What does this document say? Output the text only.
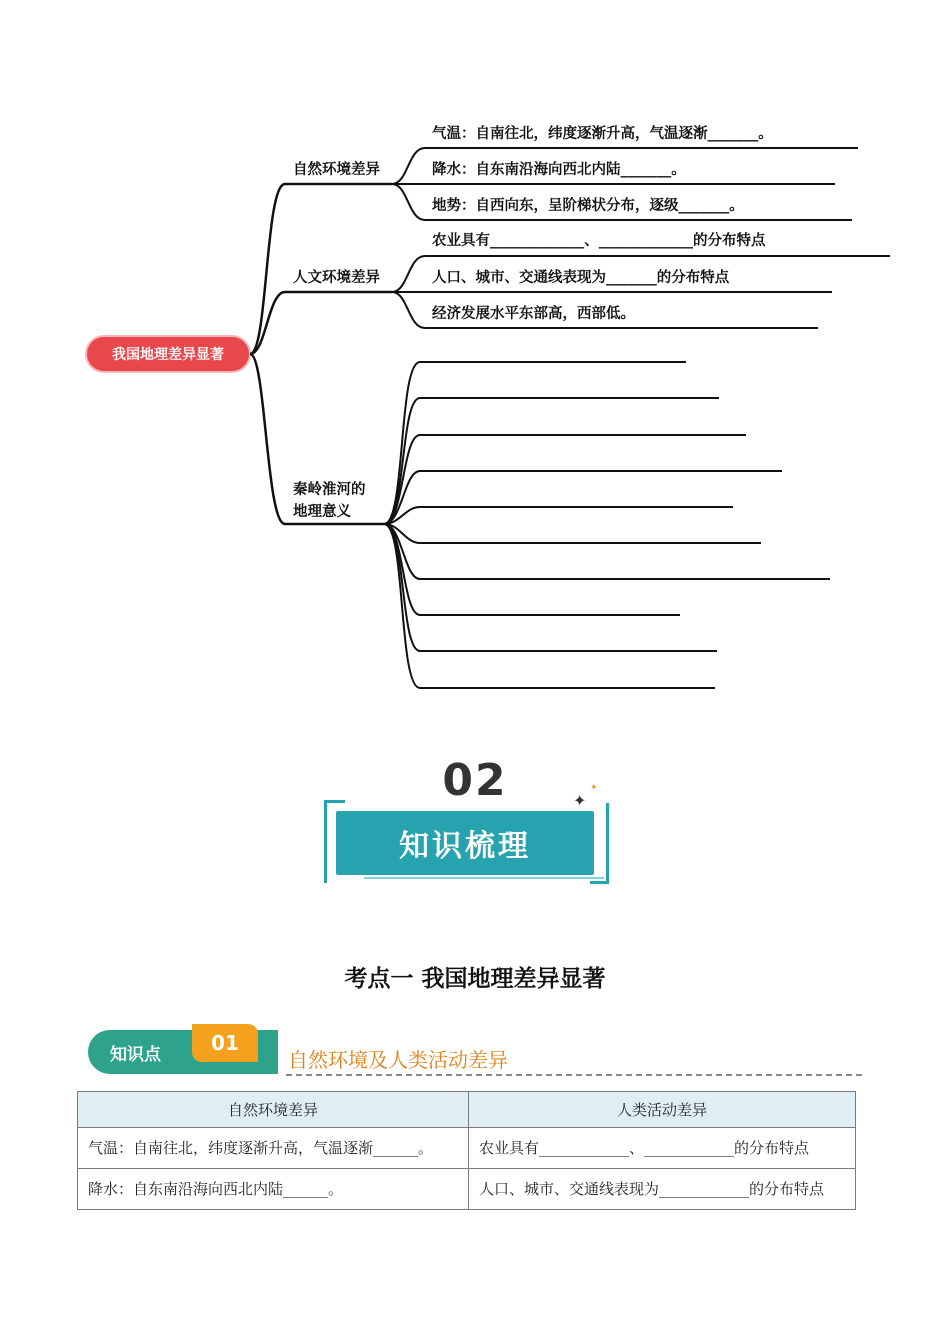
我国地理差异显著
自然环境差异
气温：自南往北，纬度逐渐升高，气温逐渐_______。
降水：自东南沿海向西北内陆_______。
地势：自西向东，呈阶梯状分布，逐级_______。
人文环境差异
农业具有_____________、_____________的分布特点
人口、城市、交通线表现为_______的分布特点
经济发展水平东部高，西部低。
秦岭淮河的
地理意义
02	✦
✦
知识梳理
考点一 我国地理差异显著
知识点	01
自然环境及人类活动差异
自然环境差异	人类活动差异
气温：自南往北，纬度逐渐升高，气温逐渐______。	农业具有____________、____________的分布特点
降水：自东南沿海向西北内陆______。	人口、城市、交通线表现为____________的分布特点
